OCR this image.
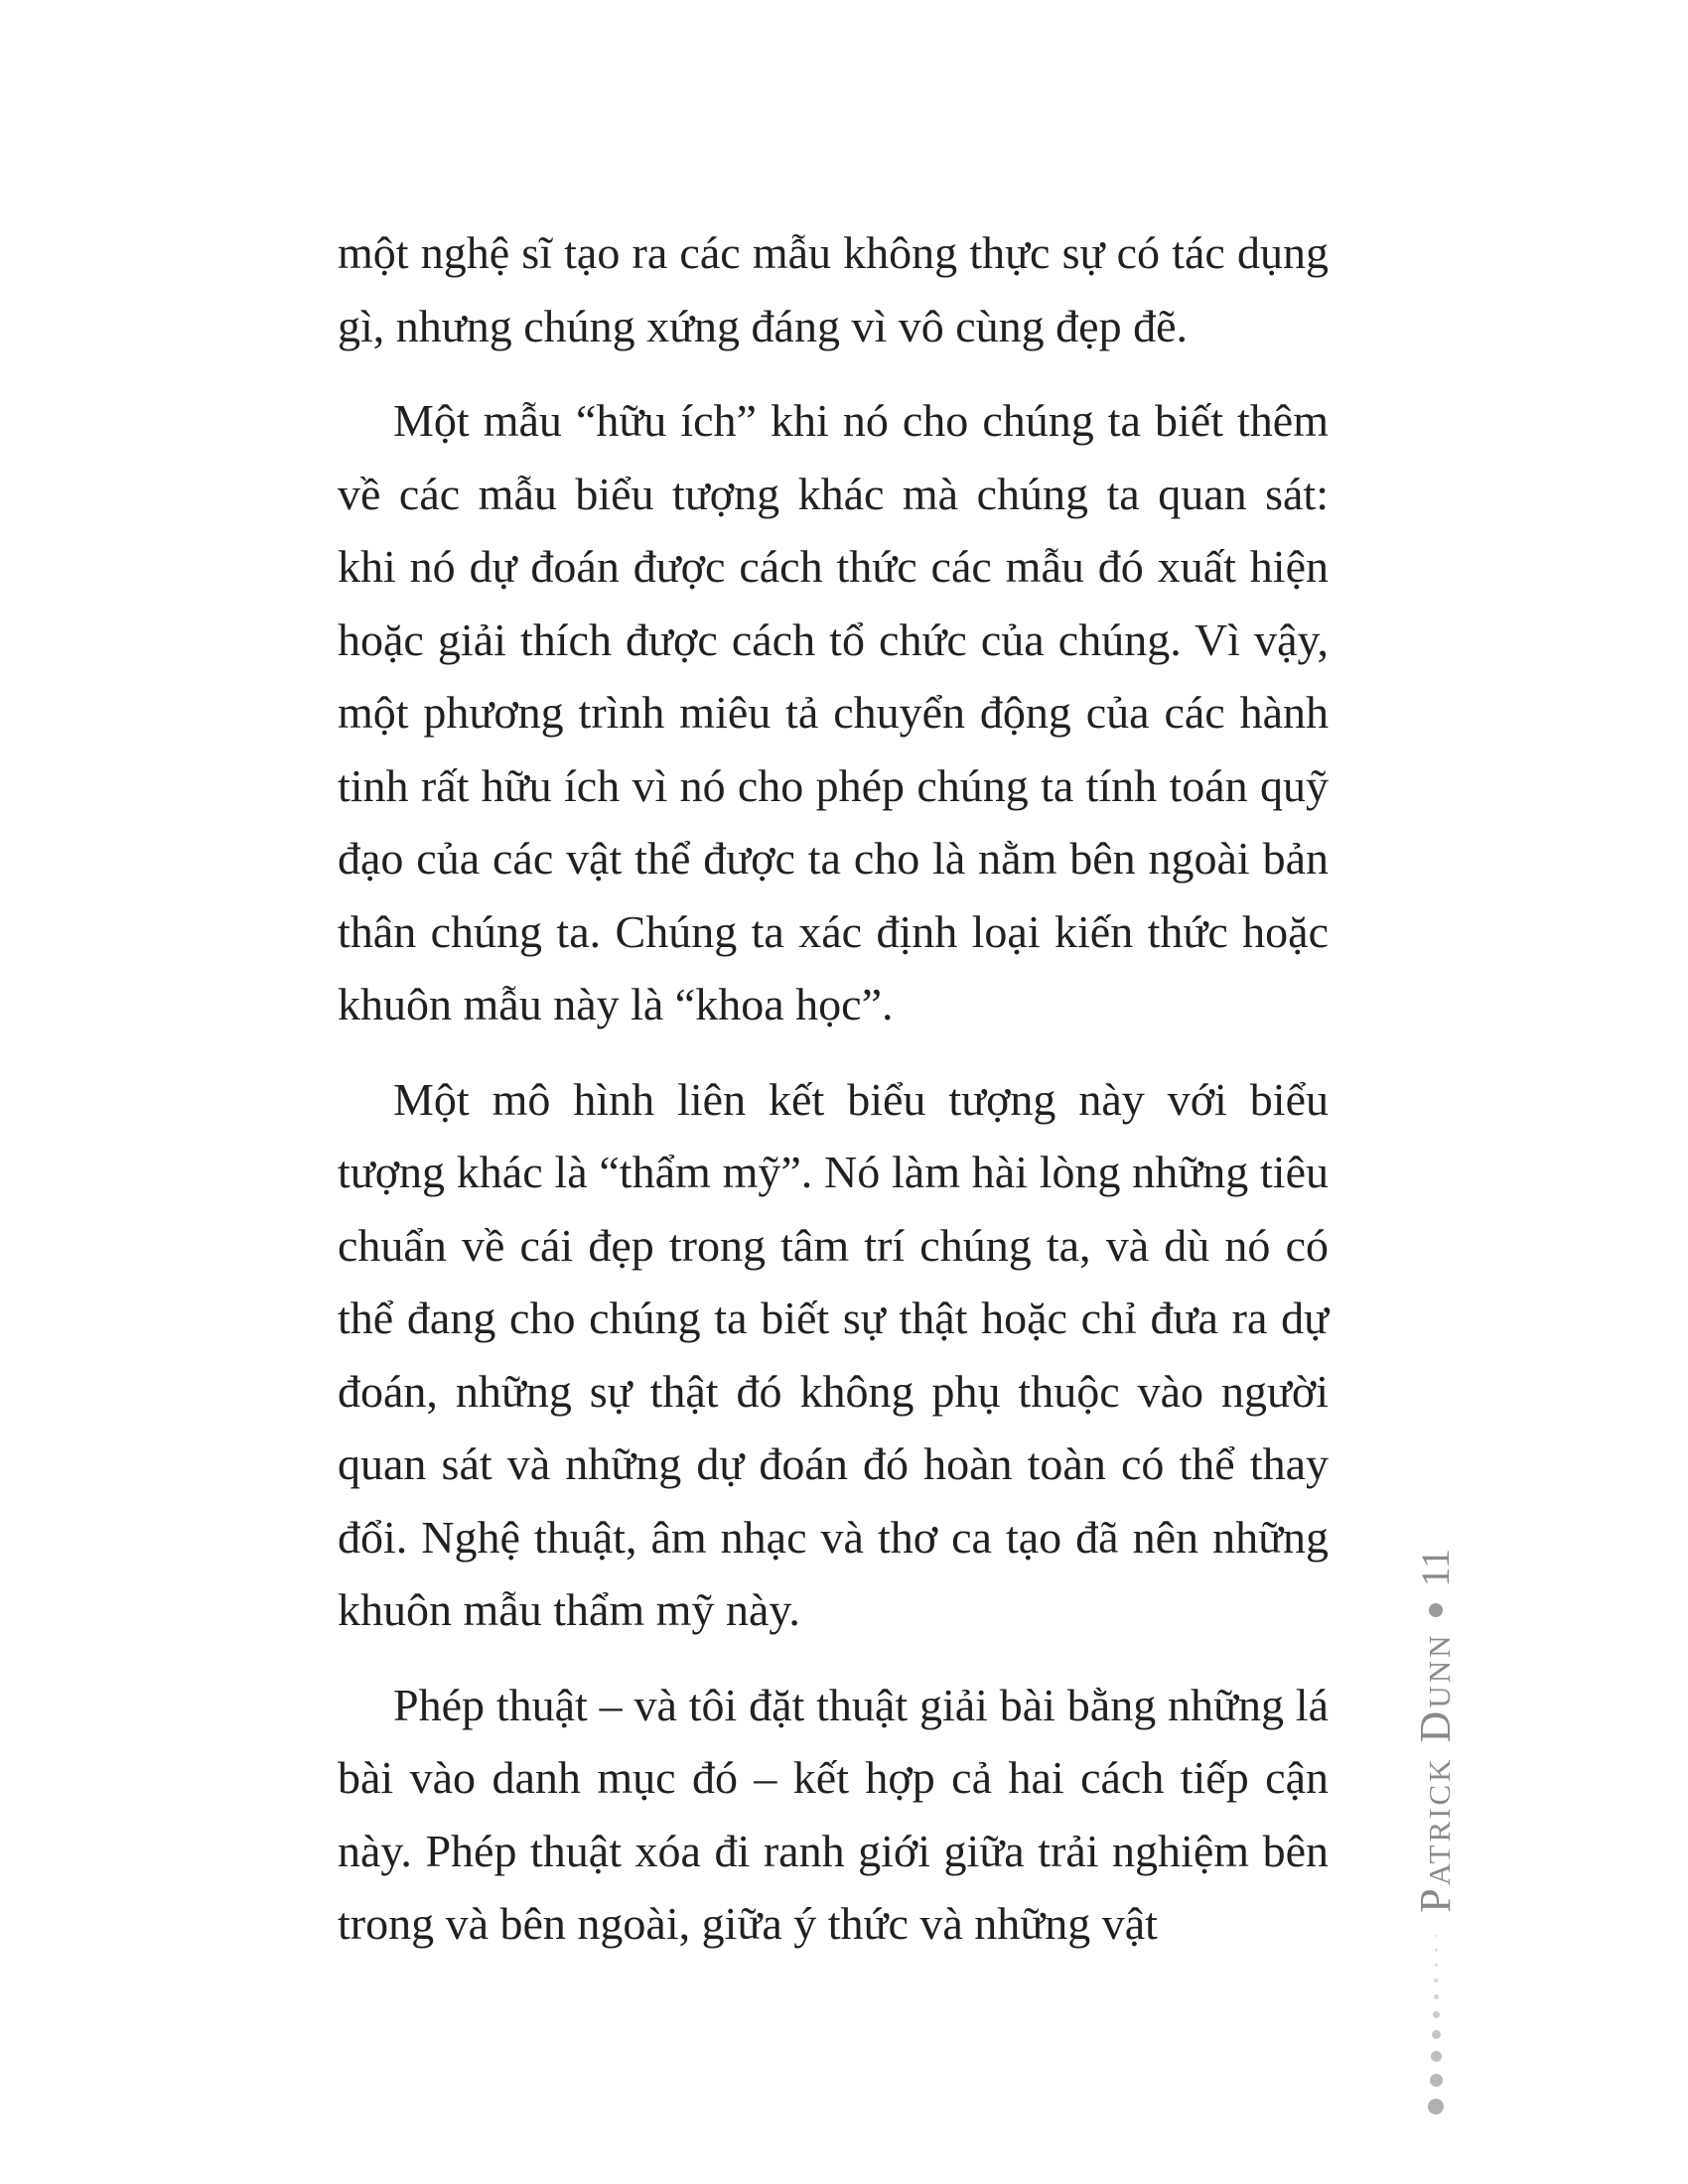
một nghệ sĩ tạo ra các mẫu không thực sự có tác dụng gì, nhưng chúng xứng đáng vì vô cùng đẹp đẽ.

Một mẫu “hữu ích” khi nó cho chúng ta biết thêm về các mẫu biểu tượng khác mà chúng ta quan sát: khi nó dự đoán được cách thức các mẫu đó xuất hiện hoặc giải thích được cách tổ chức của chúng. Vì vậy, một phương trình miêu tả chuyển động của các hành tinh rất hữu ích vì nó cho phép chúng ta tính toán quỹ đạo của các vật thể được ta cho là nằm bên ngoài bản thân chúng ta. Chúng ta xác định loại kiến thức hoặc khuôn mẫu này là “khoa học”.

Một mô hình liên kết biểu tượng này với biểu tượng khác là “thẩm mỹ”. Nó làm hài lòng những tiêu chuẩn về cái đẹp trong tâm trí chúng ta, và dù nó có thể đang cho chúng ta biết sự thật hoặc chỉ đưa ra dự đoán, những sự thật đó không phụ thuộc vào người quan sát và những dự đoán đó hoàn toàn có thể thay đổi. Nghệ thuật, âm nhạc và thơ ca tạo đã nên những khuôn mẫu thẩm mỹ này.

Phép thuật – và tôi đặt thuật giải bài bằng những lá bài vào danh mục đó – kết hợp cả hai cách tiếp cận này. Phép thuật xóa đi ranh giới giữa trải nghiệm bên trong và bên ngoài, giữa ý thức và những vật

Patrick Dunn
11
